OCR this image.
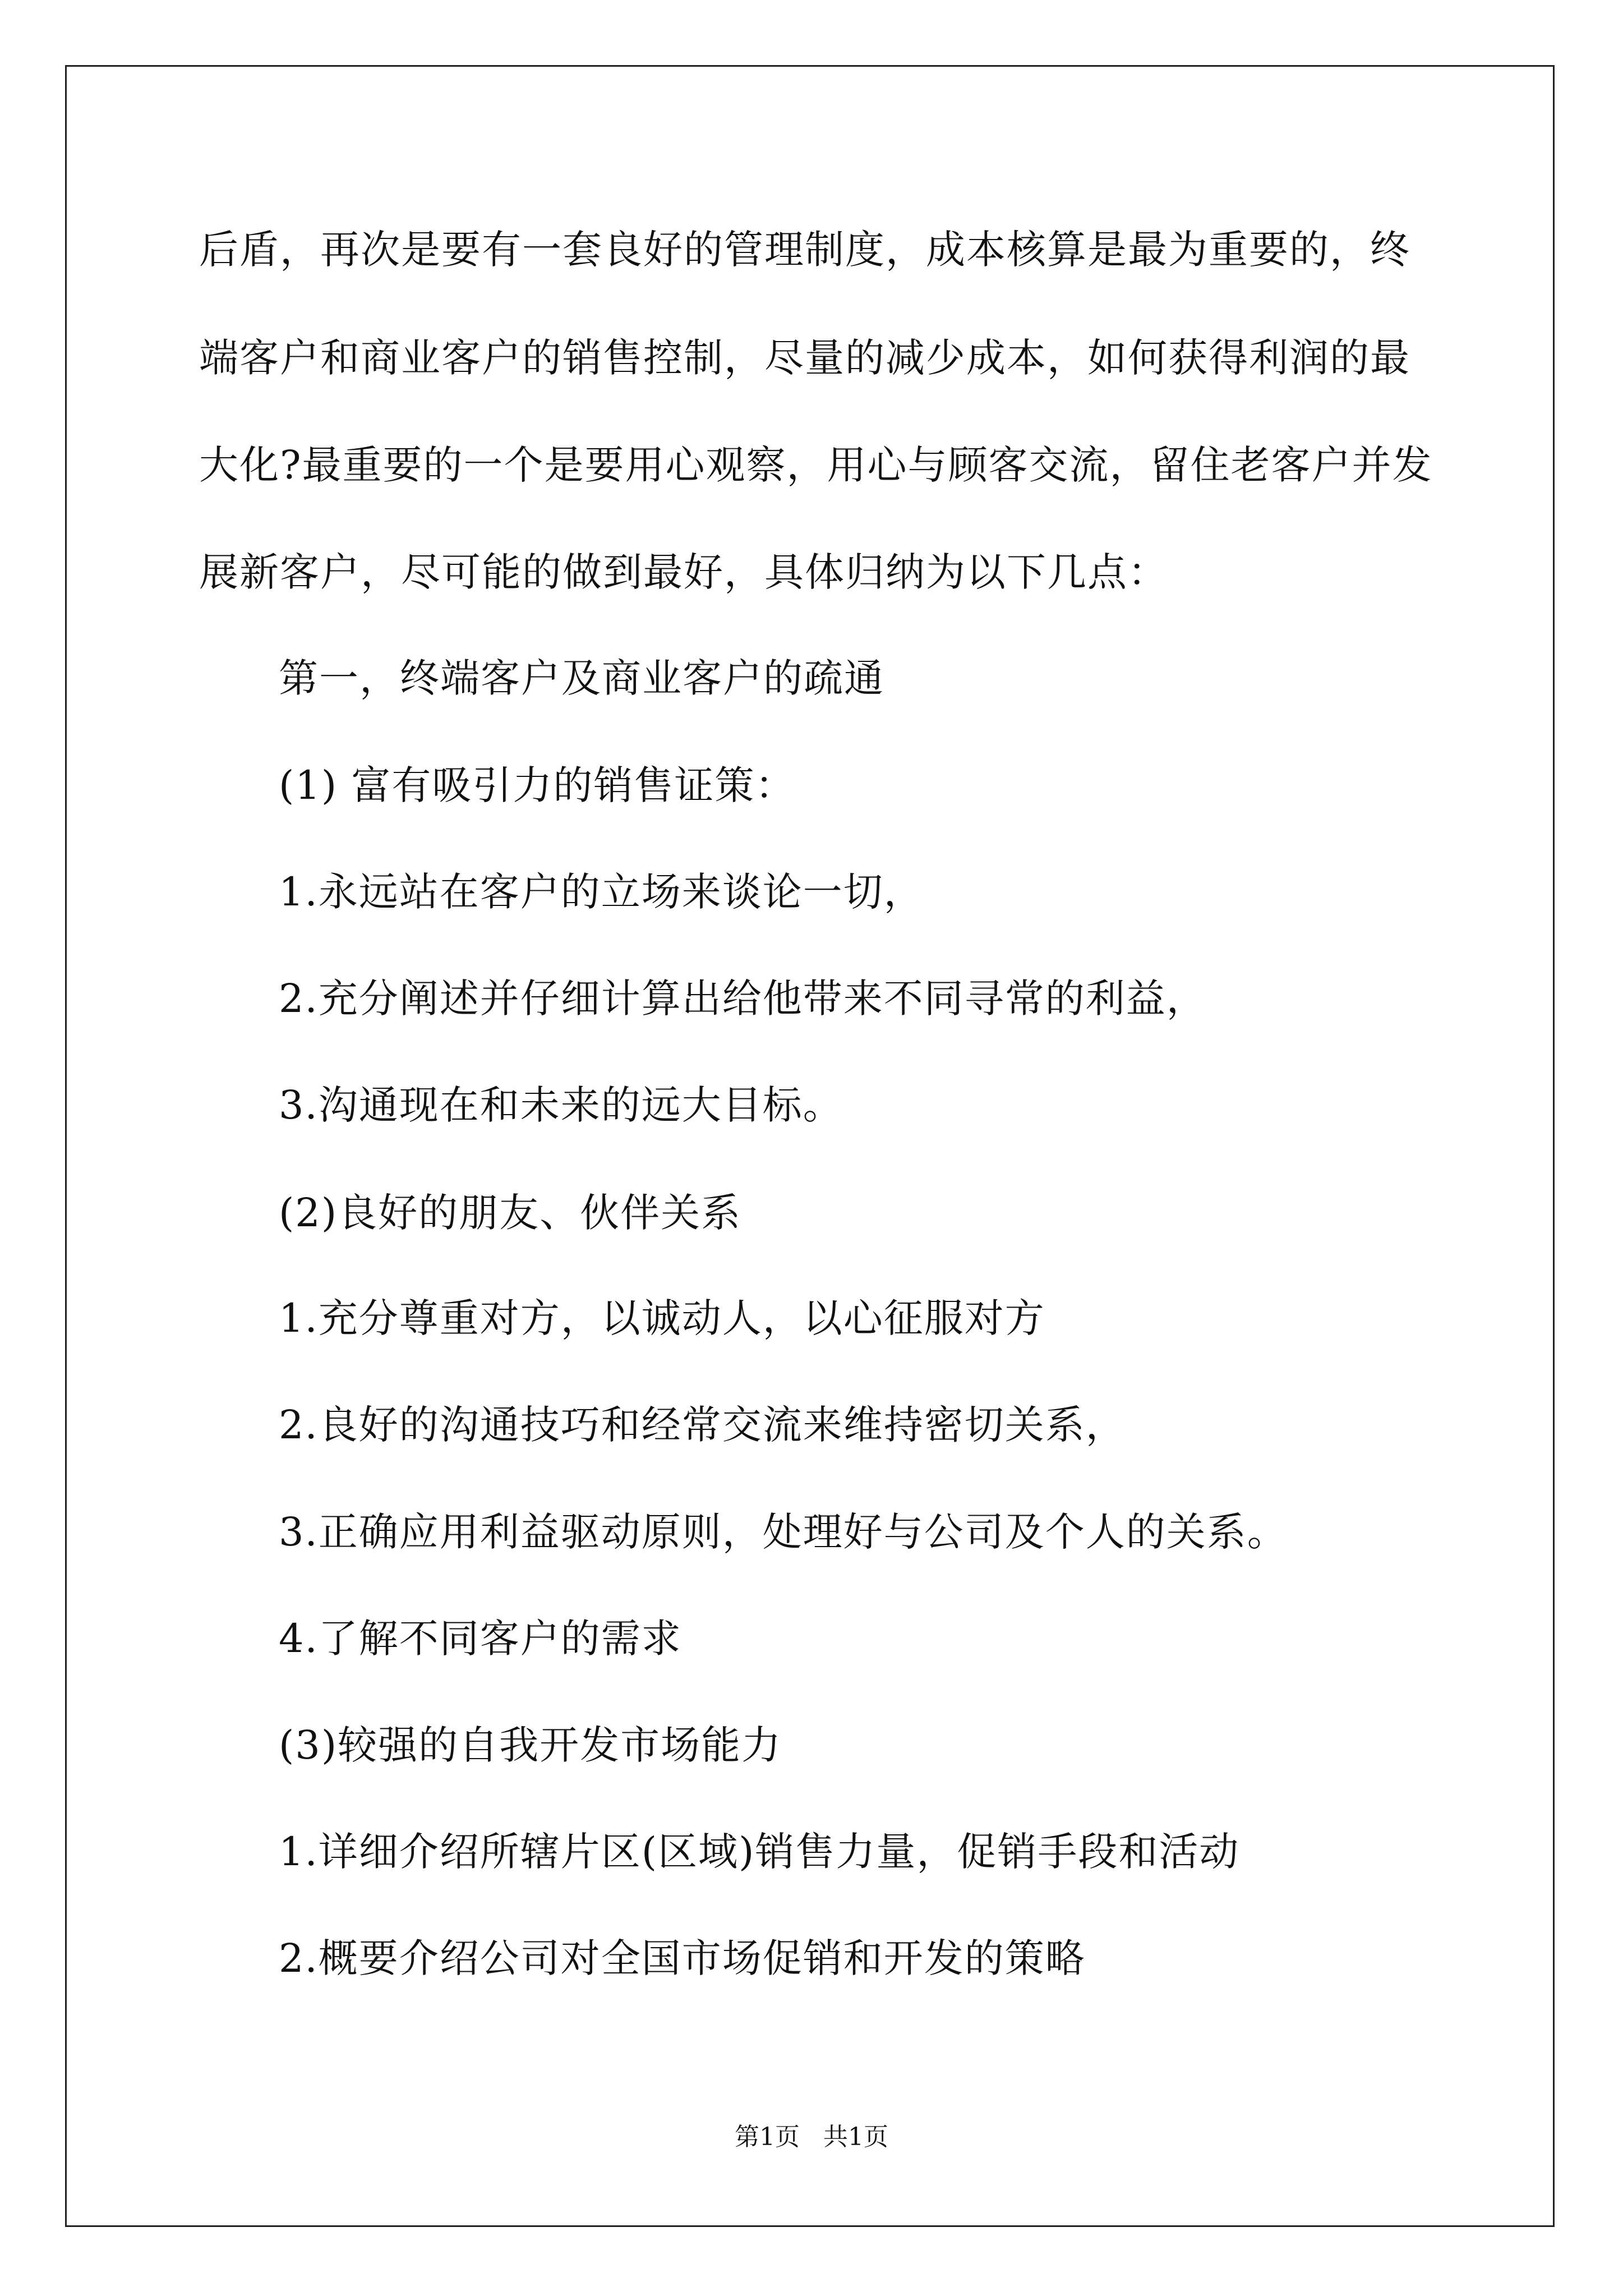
后盾，再次是要有一套良好的管理制度，成本核算是最为重要的，终
端客户和商业客户的销售控制，尽量的减少成本，如何获得利润的最
大化?最重要的一个是要用心观察，用心与顾客交流，留住老客户并发
展新客户，尽可能的做到最好，具体归纳为以下几点：
第一，终端客户及商业客户的疏通
(1) 富有吸引力的销售证策：
1.永远站在客户的立场来谈论一切，
2.充分阐述并仔细计算出给他带来不同寻常的利益，
3.沟通现在和未来的远大目标。
(2)良好的朋友、伙伴关系
1.充分尊重对方，以诚动人，以心征服对方
2.良好的沟通技巧和经常交流来维持密切关系，
3.正确应用利益驱动原则，处理好与公司及个人的关系。
4.了解不同客户的需求
(3)较强的自我开发市场能力
1.详细介绍所辖片区(区域)销售力量，促销手段和活动
2.概要介绍公司对全国市场促销和开发的策略
第1页 共1页
